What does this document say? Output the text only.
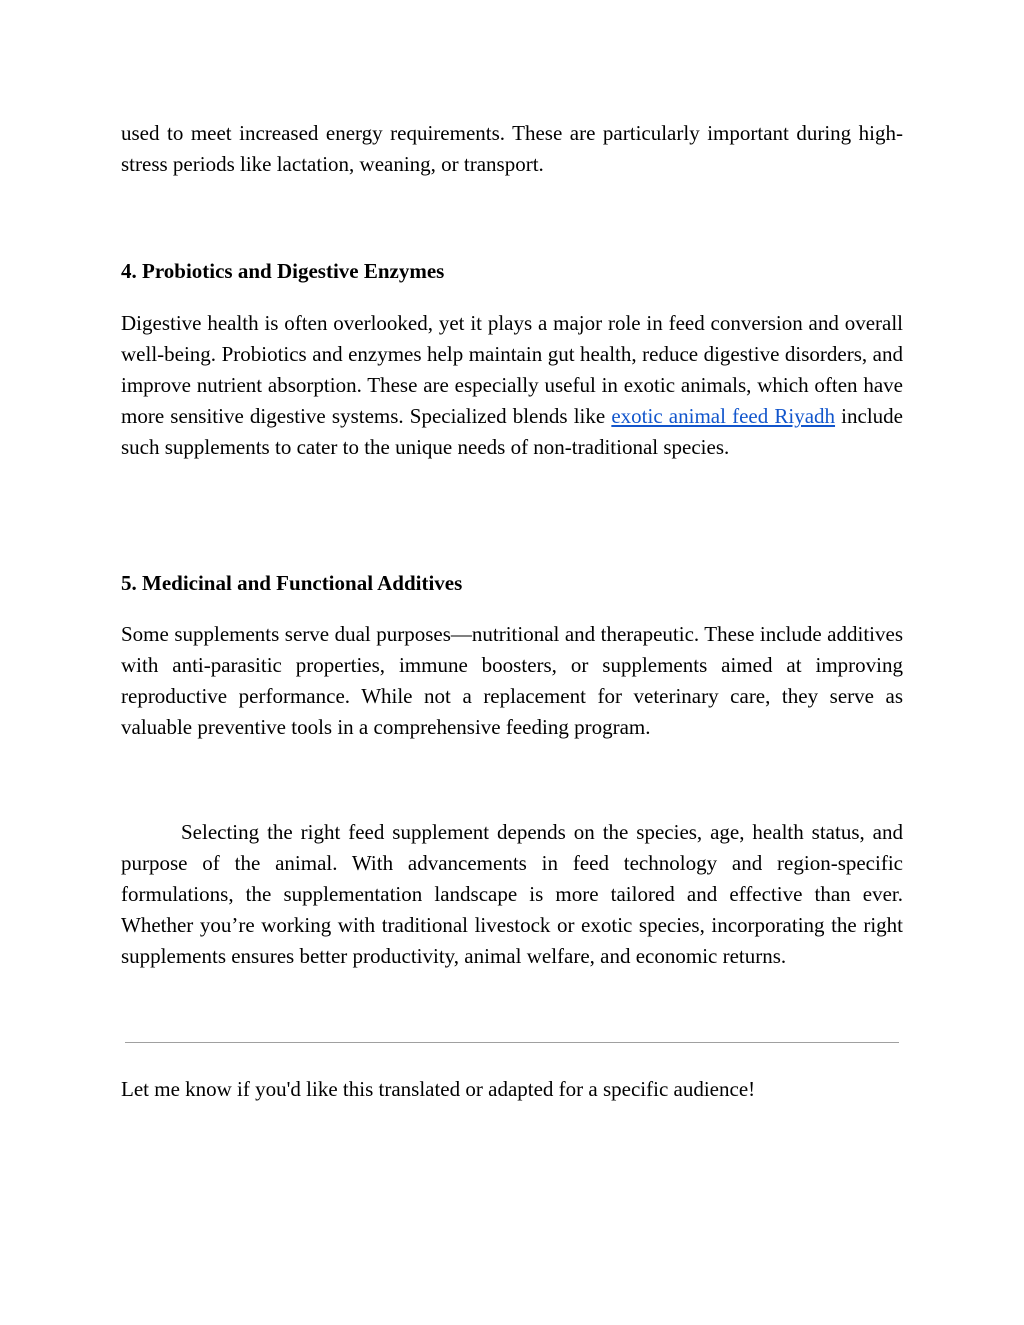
used to meet increased energy requirements. These are particularly important during high-stress periods like lactation, weaning, or transport.

4. Probiotics and Digestive Enzymes

Digestive health is often overlooked, yet it plays a major role in feed conversion and overall well-being. Probiotics and enzymes help maintain gut health, reduce digestive disorders, and improve nutrient absorption. These are especially useful in exotic animals, which often have more sensitive digestive systems. Specialized blends like exotic animal feed Riyadh include such supplements to cater to the unique needs of non-traditional species.

5. Medicinal and Functional Additives

Some supplements serve dual purposes—nutritional and therapeutic. These include additives with anti-parasitic properties, immune boosters, or supplements aimed at improving reproductive performance. While not a replacement for veterinary care, they serve as valuable preventive tools in a comprehensive feeding program.

Selecting the right feed supplement depends on the species, age, health status, and purpose of the animal. With advancements in feed technology and region-specific formulations, the supplementation landscape is more tailored and effective than ever. Whether you’re working with traditional livestock or exotic species, incorporating the right supplements ensures better productivity, animal welfare, and economic returns.

Let me know if you'd like this translated or adapted for a specific audience!
